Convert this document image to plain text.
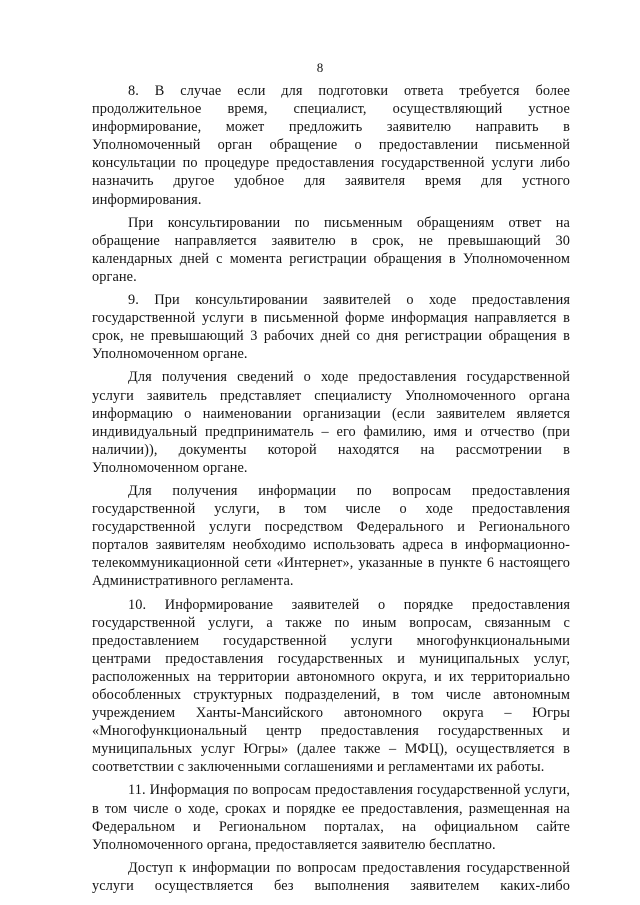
8

8. В случае если для подготовки ответа требуется более продолжительное время, специалист, осуществляющий устное информирование, может предложить заявителю направить в Уполномоченный орган обращение о предоставлении письменной консультации по процедуре предоставления государственной услуги либо назначить другое удобное для заявителя время для устного информирования.

При консультировании по письменным обращениям ответ на обращение направляется заявителю в срок, не превышающий 30 календарных дней с момента регистрации обращения в Уполномоченном органе.

9. При консультировании заявителей о ходе предоставления государственной услуги в письменной форме информация направляется в срок, не превышающий 3 рабочих дней со дня регистрации обращения в Уполномоченном органе.

Для получения сведений о ходе предоставления государственной услуги заявитель представляет специалисту Уполномоченного органа информацию о наименовании организации (если заявителем является индивидуальный предприниматель – его фамилию, имя и отчество (при наличии)), документы которой находятся на рассмотрении в Уполномоченном органе.

Для получения информации по вопросам предоставления государственной услуги, в том числе о ходе предоставления государственной услуги посредством Федерального и Регионального порталов заявителям необходимо использовать адреса в информационно-телекоммуникационной сети «Интернет», указанные в пункте 6 настоящего Административного регламента.

10. Информирование заявителей о порядке предоставления государственной услуги, а также по иным вопросам, связанным с предоставлением государственной услуги многофункциональными центрами предоставления государственных и муниципальных услуг, расположенных на территории автономного округа, и их территориально обособленных структурных подразделений, в том числе автономным учреждением Ханты-Мансийского автономного округа – Югры «Многофункциональный центр предоставления государственных и муниципальных услуг Югры» (далее также – МФЦ), осуществляется в соответствии с заключенными соглашениями и регламентами их работы.

11. Информация по вопросам предоставления государственной услуги, в том числе о ходе, сроках и порядке ее предоставления, размещенная на Федеральном и Региональном порталах, на официальном сайте Уполномоченного органа, предоставляется заявителю бесплатно.

Доступ к информации по вопросам предоставления государственной услуги осуществляется без выполнения заявителем каких-либо
